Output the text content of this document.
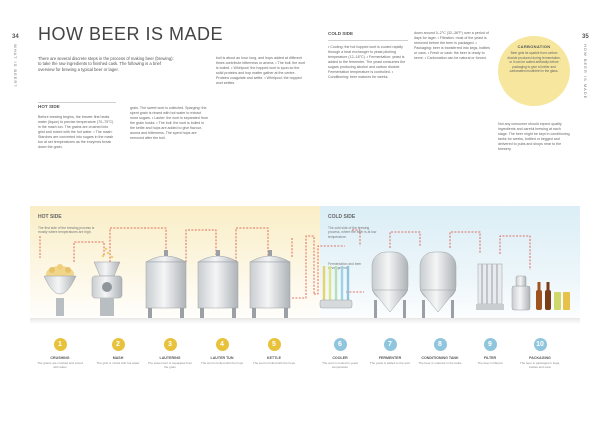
34
WHAT IS BEER?
35
HOW BEER IS MADE
HOW BEER IS MADE
There are several discrete steps in the process of making beer (brewing): to take the raw ingredients to finished cask. The following is a brief overview for brewing a typical beer or lager.
HOT SIDE
Before brewing begins, the brewer first heats water (liquor) to precise temperature (70–75°C) in the mash tun. The grains are crushed into grist and mixed with the hot water. • The mash: Starches are converted into sugars in the mash tun at set temperatures as the enzymes break down the grain.
grain. The sweet wort is collected. Sparging: the spent grain is rinsed with hot water to extract more sugars. • Lauter: the wort is separated from the grain husks. • The boil: the wort is boiled in the kettle and hops are added to give flavour, aroma and bitterness. The spent hops are removed after the boil.
boil is about an hour long, and hops added at different times contribute bitterness or aroma. • The boil: the wort is boiled. • Whirlpool: the hopped wort is spun so the solid proteins and hop matter gather at the centre. Proteins coagulate and settle. • Whirlpool: the hopped wort settles.
COLD SIDE
• Cooling: the hot hopped wort is cooled rapidly through a heat exchanger to yeast pitching temperature (12–18°C). • Fermentation: yeast is added to the fermenter. The yeast consumes the sugars producing alcohol and carbon dioxide. Fermentation temperature is controlled. • Conditioning: beer matures for weeks.
down around 0–2°C (32–36°F) over a period of days for lager. • Filtration: most of the yeast is removed before the beer is packaged. • Packaging: beer is transferred into kegs, bottles or cans. • Fresh or cask: the beer is ready to serve. • Carbonation can be natural or forced.
Not any consumer should expect quality ingredients and careful brewing at each stage. The beer might be kept in conditioning tanks for weeks, bottled or kegged and delivered to pubs and shops near to the brewery.
CARBONATION
Beer gets its sparkle from carbon dioxide produced during fermentation, or it can be added artificially before packaging to give a livelier and carbonated mouthfeel in the glass.
HOT SIDE
The first side of the brewing process is mostly where temperatures are high.
COLD SIDE
The cold side of the brewing process, where the beer is at low temperature.
Fermentation and beer development
1
CRUSHING
The grains are crushed and mixed with water
2
MASH
The grist is mixed with hot water
3
LAUTERING
The sweet wort is separated from the grain
4
LAUTER TUN
The wort is boiled with the hops
5
KETTLE
The wort is boiled with the hops
6
COOLER
The wort is cooled to yeast temperature
7
FERMENTER
The yeast is added to the wort
8
CONDITIONING TANK
The beer is matured in the tanks
9
FILTER
The beer is filtered
10
PACKAGING
The beer is packaged in kegs, bottles and cans
